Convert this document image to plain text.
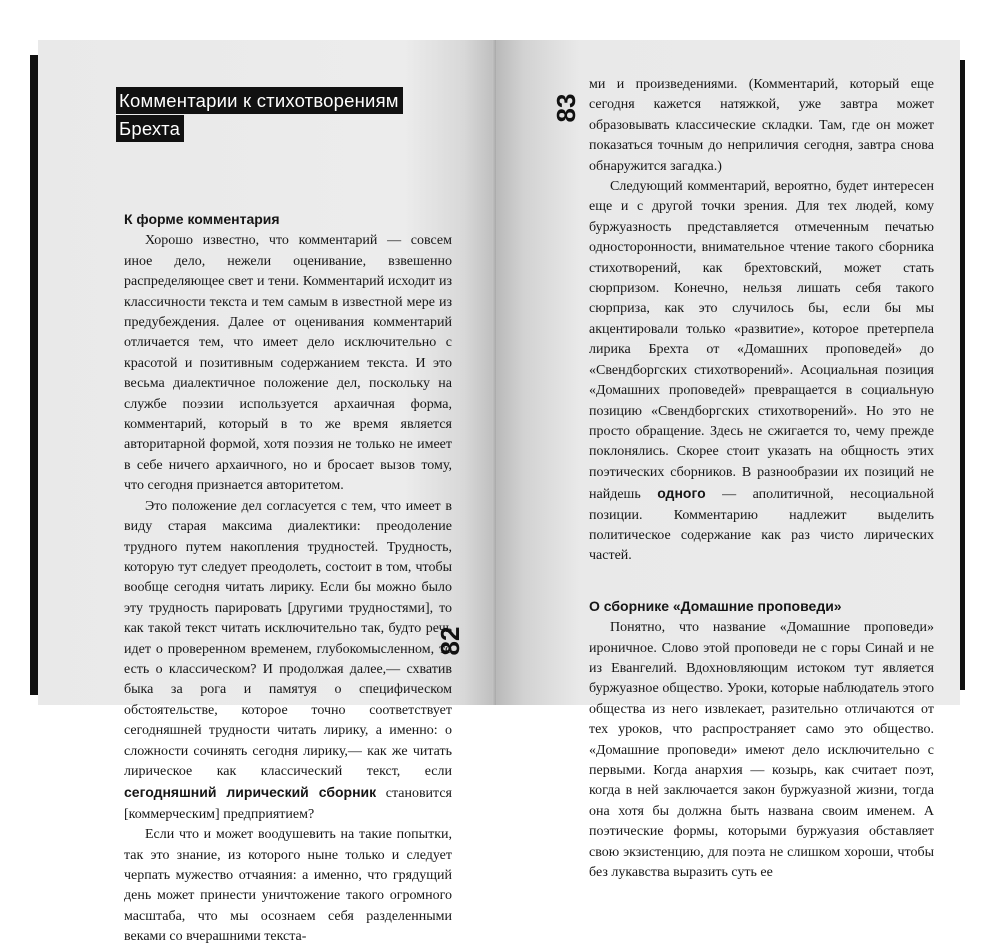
Комментарии к стихотворениям
Брехта

К форме комментария

Хорошо известно, что комментарий — совсем иное дело, нежели оценивание, взвешенно распределяющее свет и тени. Комментарий исходит из классичности текста и тем самым в известной мере из предубеждения. Далее от оценивания комментарий отличается тем, что имеет дело исключительно с красотой и позитивным содержанием текста. И это весьма диалектичное положение дел, поскольку на службе поэзии используется архаичная форма, комментарий, который в то же время является авторитарной формой, хотя поэзия не только не имеет в себе ничего архаичного, но и бросает вызов тому, что сегодня признается авторитетом.

Это положение дел согласуется с тем, что имеет в виду старая максима диалектики: преодоление трудного путем накопления трудностей. Трудность, которую тут следует преодолеть, состоит в том, чтобы вообще сегодня читать лирику. Если бы можно было эту трудность парировать [другими трудностями], то как такой текст читать исключительно так, будто речь идет о проверенном временем, глубокомысленном, то есть о классическом? И продолжая далее,— схватив быка за рога и памятуя о специфическом обстоятельстве, которое точно соответствует сегодняшней трудности читать лирику, а именно: о сложности сочинять сегодня лирику,— как же читать лирическое как классический текст, если сегодняшний лирический сборник становится [коммерческим] предприятием?

Если что и может воодушевить на такие попытки, так это знание, из которого ныне только и следует черпать мужество отчаяния: а именно, что грядущий день может принести уничтожение такого огромного масштаба, что мы осознаем себя разделенными веками со вчерашними текста-

82
83

ми и произведениями. (Комментарий, который еще сегодня кажется натяжкой, уже завтра может образовывать классические складки. Там, где он может показаться точным до неприличия сегодня, завтра снова обнаружится загадка.)

Следующий комментарий, вероятно, будет интересен еще и с другой точки зрения. Для тех людей, кому буржуазность представляется отмеченным печатью односторонности, внимательное чтение такого сборника стихотворений, как брехтовский, может стать сюрпризом. Конечно, нельзя лишать себя такого сюрприза, как это случилось бы, если бы мы акцентировали только «развитие», которое претерпела лирика Брехта от «Домашних проповедей» до «Свендборгских стихотворений». Асоциальная позиция «Домашних проповедей» превращается в социальную позицию «Свендборгских стихотворений». Но это не просто обращение. Здесь не сжигается то, чему прежде поклонялись. Скорее стоит указать на общность этих поэтических сборников. В разнообразии их позиций не найдешь одного — аполитичной, несоциальной позиции. Комментарию надлежит выделить политическое содержание как раз чисто лирических частей.

О сборнике «Домашние проповеди»

Понятно, что название «Домашние проповеди» ироничное. Слово этой проповеди не с горы Синай и не из Евангелий. Вдохновляющим истоком тут является буржуазное общество. Уроки, которые наблюдатель этого общества из него извлекает, разительно отличаются от тех уроков, что распространяет само это общество. «Домашние проповеди» имеют дело исключительно с первыми. Когда анархия — козырь, как считает поэт, когда в ней заключается закон буржуазной жизни, тогда она хотя бы должна быть названа своим именем. А поэтические формы, которыми буржуазия обставляет свою экзистенцию, для поэта не слишком хороши, чтобы без лукавства выразить суть ее
